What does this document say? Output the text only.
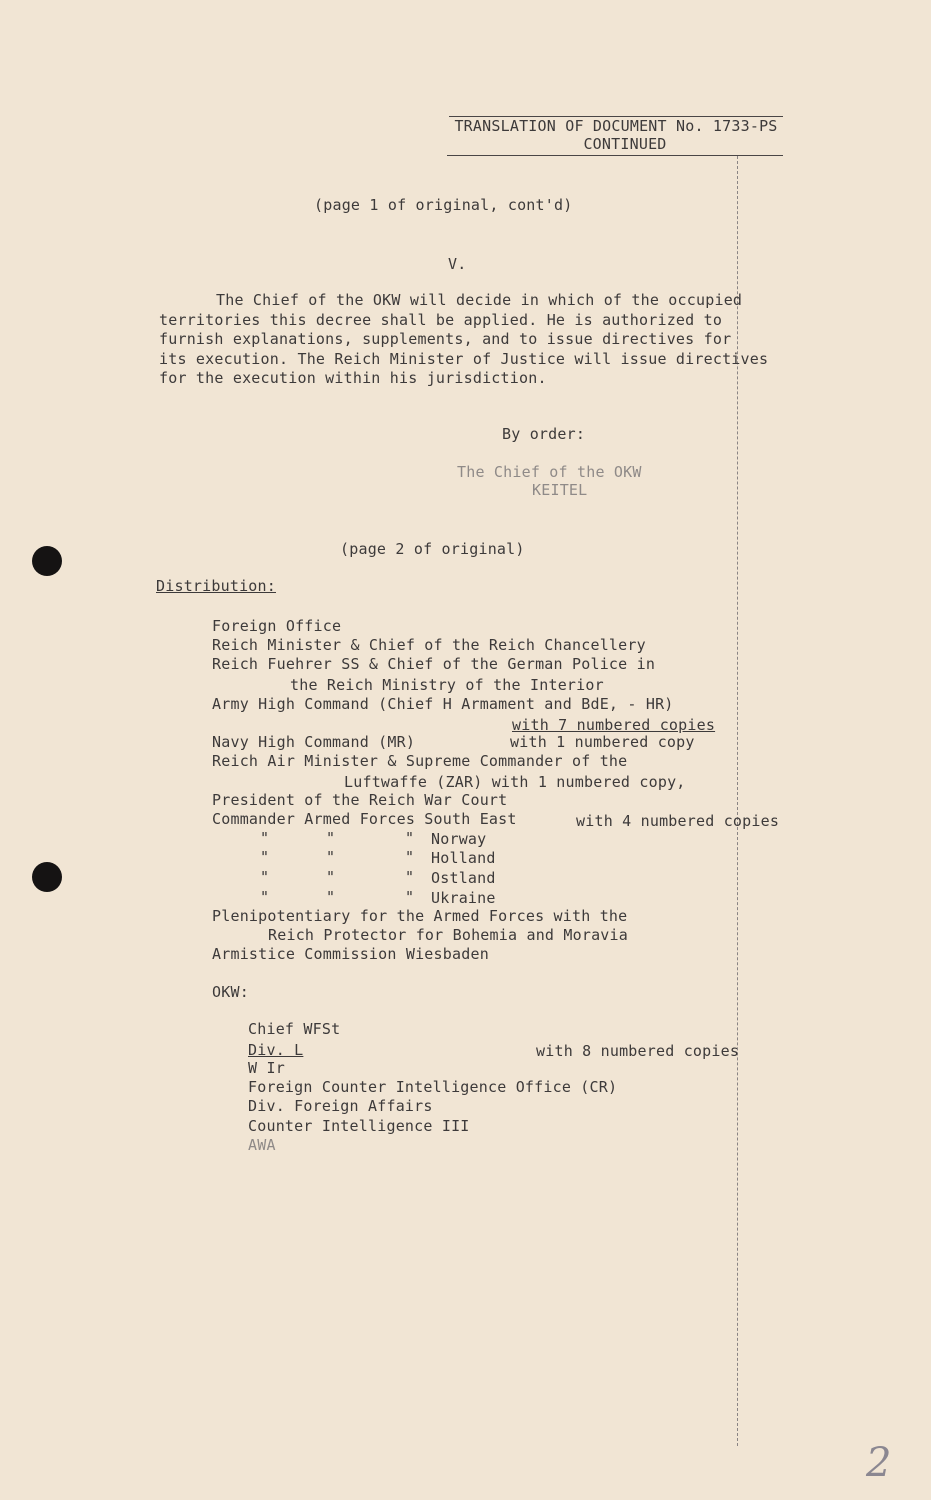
TRANSLATION OF DOCUMENT No. 1733-PS
CONTINUED
(page 1 of original, cont'd)
V.
The Chief of the OKW will decide in which of the occupied
territories this decree shall be applied. He is authorized to
furnish explanations, supplements, and to issue directives for
its execution. The Reich Minister of Justice will issue directives
for the execution within his jurisdiction.
By order:
The Chief of the OKW
KEITEL
(page 2 of original)
Distribution:
Foreign Office
Reich Minister & Chief of the Reich Chancellery
Reich Fuehrer SS & Chief of the German Police in
the Reich Ministry of the Interior
Army High Command (Chief H Armament and BdE, - HR)
with 7 numbered copies
Navy High Command (MR)	with 1 numbered copy
Reich Air Minister & Supreme Commander of the
Luftwaffe (ZAR) with 1 numbered copy,
President of the Reich War Court
Commander Armed Forces South East	with 4 numbered copies
"	"	" Norway
"	"	" Holland
"	"	" Ostland
"	"	" Ukraine
Plenipotentiary for the Armed Forces with the
Reich Protector for Bohemia and Moravia
Armistice Commission Wiesbaden
OKW:
Chief WFSt
Div. L	with 8 numbered copies
W Ir
Foreign Counter Intelligence Office (CR)
Div. Foreign Affairs
Counter Intelligence III
AWA
2
